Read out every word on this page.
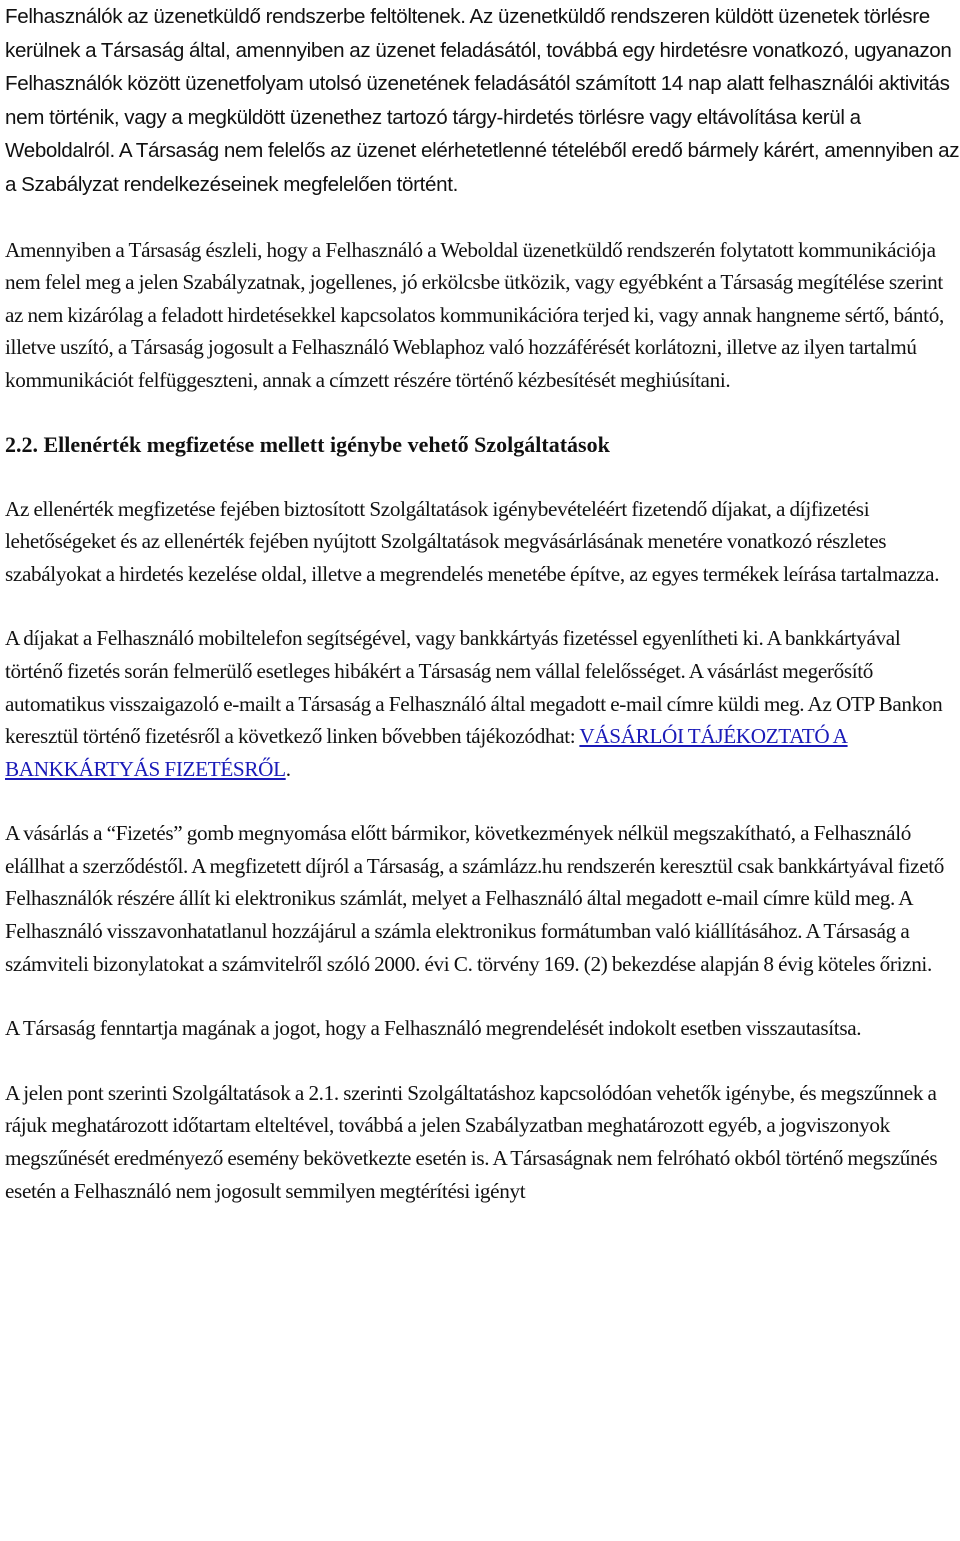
Felhasználók az üzenetküldő rendszerbe feltöltenek. Az üzenetküldő rendszeren küldött üzenetek törlésre kerülnek a Társaság által, amennyiben az üzenet feladásától, továbbá egy hirdetésre vonatkozó, ugyanazon Felhasználók között üzenetfolyam utolsó üzenetének feladásától számított 14 nap alatt felhasználói aktivitás nem történik, vagy a megküldött üzenethez tartozó tárgy-hirdetés törlésre vagy eltávolítása kerül a Weboldalról. A Társaság nem felelős az üzenet elérhetetlenné tételéből eredő bármely kárért, amennyiben az a Szabályzat rendelkezéseinek megfelelően történt.

Amennyiben a Társaság észleli, hogy a Felhasználó a Weboldal üzenetküldő rendszerén folytatott kommunikációja nem felel meg a jelen Szabályzatnak, jogellenes, jó erkölcsbe ütközik, vagy egyébként a Társaság megítélése szerint az nem kizárólag a feladott hirdetésekkel kapcsolatos kommunikációra terjed ki, vagy annak hangneme sértő, bántó, illetve uszító, a Társaság jogosult a Felhasználó Weblaphoz való hozzáférését korlátozni, illetve az ilyen tartalmú kommunikációt felfüggeszteni, annak a címzett részére történő kézbesítését meghiúsítani.

2.2. Ellenérték megfizetése mellett igénybe vehető Szolgáltatások

Az ellenérték megfizetése fejében biztosított Szolgáltatások igénybevételéért fizetendő díjakat, a díjfizetési lehetőségeket és az ellenérték fejében nyújtott Szolgáltatások megvásárlásának menetére vonatkozó részletes szabályokat a hirdetés kezelése oldal, illetve a megrendelés menetébe építve, az egyes termékek leírása tartalmazza.

A díjakat a Felhasználó mobiltelefon segítségével, vagy bankkártyás fizetéssel egyenlítheti ki. A bankkártyával történő fizetés során felmerülő esetleges hibákért a Társaság nem vállal felelősséget. A vásárlást megerősítő automatikus visszaigazoló e-mailt a Társaság a Felhasználó által megadott e-mail címre küldi meg. Az OTP Bankon keresztül történő fizetésről a következő linken bővebben tájékozódhat: VÁSÁRLÓI TÁJÉKOZTATÓ A BANKKÁRTYÁS FIZETÉSRŐL.

A vásárlás a “Fizetés” gomb megnyomása előtt bármikor, következmények nélkül megszakítható, a Felhasználó elállhat a szerződéstől. A megfizetett díjról a Társaság, a számlázz.hu rendszerén keresztül csak bankkártyával fizető Felhasználók részére állít ki elektronikus számlát, melyet a Felhasználó által megadott e-mail címre küld meg. A Felhasználó visszavonhatatlanul hozzájárul a számla elektronikus formátumban való kiállításához. A Társaság a számviteli bizonylatokat a számvitelről szóló 2000. évi C. törvény 169. (2) bekezdése alapján 8 évig köteles őrizni.

A Társaság fenntartja magának a jogot, hogy a Felhasználó megrendelését indokolt esetben visszautasítsa.

A jelen pont szerinti Szolgáltatások a 2.1. szerinti Szolgáltatáshoz kapcsolódóan vehetők igénybe, és megszűnnek a rájuk meghatározott időtartam elteltével, továbbá a jelen Szabályzatban meghatározott egyéb, a jogviszonyok megszűnését eredményező esemény bekövetkezte esetén is. A Társaságnak nem felróható okból történő megszűnés esetén a Felhasználó nem jogosult semmilyen megtérítési igényt
